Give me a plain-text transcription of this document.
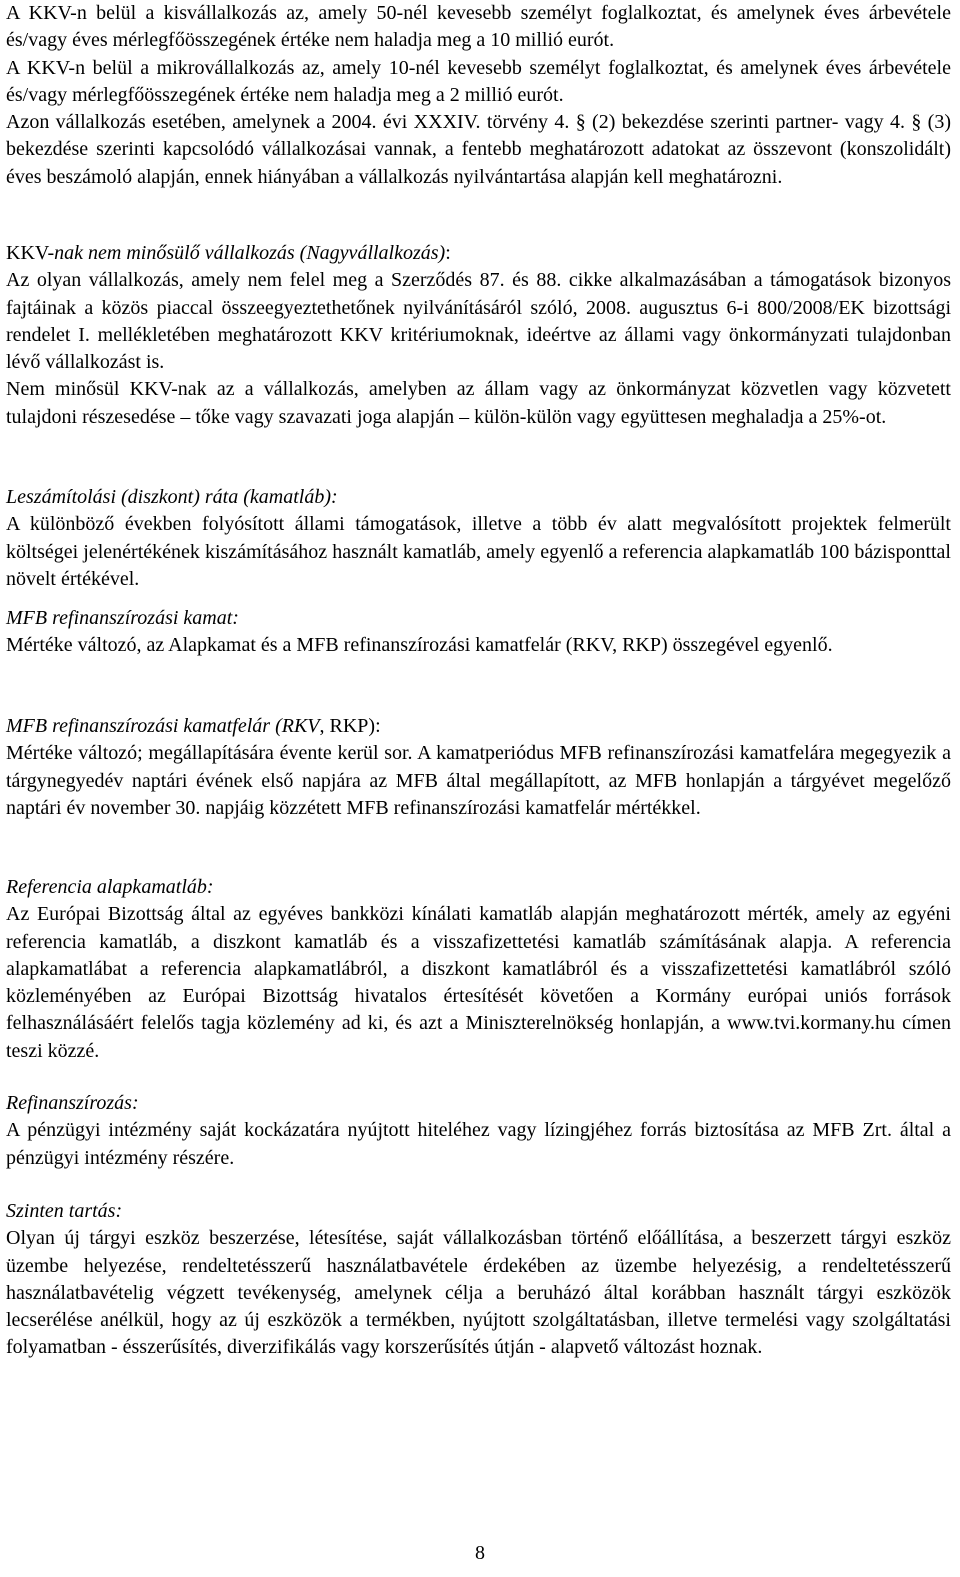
A KKV-n belül a kisvállalkozás az, amely 50-nél kevesebb személyt foglalkoztat, és amelynek éves árbevétele és/vagy éves mérlegfőösszegének értéke nem haladja meg a 10 millió eurót.

A KKV-n belül a mikrovállalkozás az, amely 10-nél kevesebb személyt foglalkoztat, és amelynek éves árbevétele és/vagy mérlegfőösszegének értéke nem haladja meg a 2 millió eurót.

Azon vállalkozás esetében, amelynek a 2004. évi XXXIV. törvény 4. § (2) bekezdése szerinti partner- vagy 4. § (3) bekezdése szerinti kapcsolódó vállalkozásai vannak, a fentebb meghatározott adatokat az összevont (konszolidált) éves beszámoló alapján, ennek hiányában a vállalkozás nyilvántartása alapján kell meghatározni.

KKV-nak nem minősülő vállalkozás (Nagyvállalkozás):

Az olyan vállalkozás, amely nem felel meg a Szerződés 87. és 88. cikke alkalmazásában a támogatások bizonyos fajtáinak a közös piaccal összeegyeztethetőnek nyilvánításáról szóló, 2008. augusztus 6-i 800/2008/EK bizottsági rendelet I. mellékletében meghatározott KKV kritériumoknak, ideértve az állami vagy önkormányzati tulajdonban lévő vállalkozást is.

Nem minősül KKV-nak az a vállalkozás, amelyben az állam vagy az önkormányzat közvetlen vagy közvetett tulajdoni részesedése – tőke vagy szavazati joga alapján – külön-külön vagy együttesen meghaladja a 25%-ot.

Leszámítolási (diszkont) ráta (kamatláb):

A különböző években folyósított állami támogatások, illetve a több év alatt megvalósított projektek felmerült költségei jelenértékének kiszámításához használt kamatláb, amely egyenlő a referencia alapkamatláb 100 bázisponttal növelt értékével.

MFB refinanszírozási kamat:

Mértéke változó, az Alapkamat és a MFB refinanszírozási kamatfelár (RKV, RKP) összegével egyenlő.

MFB refinanszírozási kamatfelár (RKV, RKP):

Mértéke változó; megállapítására évente kerül sor. A kamatperiódus MFB refinanszírozási kamatfelára megegyezik a tárgynegyedév naptári évének első napjára az MFB által megállapított, az MFB honlapján a tárgyévet megelőző naptári év november 30. napjáig közzétett MFB refinanszírozási kamatfelár mértékkel.

Referencia alapkamatláb:

Az Európai Bizottság által az egyéves bankközi kínálati kamatláb alapján meghatározott mérték, amely az egyéni referencia kamatláb, a diszkont kamatláb és a visszafizettetési kamatláb számításának alapja. A referencia alapkamatlábat a referencia alapkamatlábról, a diszkont kamatlábról és a visszafizettetési kamatlábról szóló közleményében az Európai Bizottság hivatalos értesítését követően a Kormány európai uniós források felhasználásáért felelős tagja közlemény ad ki, és azt a Miniszterelnökség honlapján, a www.tvi.kormany.hu címen teszi közzé.

Refinanszírozás:

A pénzügyi intézmény saját kockázatára nyújtott hiteléhez vagy lízingjéhez forrás biztosítása az MFB Zrt. által a pénzügyi intézmény részére.

Szinten tartás:

Olyan új tárgyi eszköz beszerzése, létesítése, saját vállalkozásban történő előállítása, a beszerzett tárgyi eszköz üzembe helyezése, rendeltetésszerű használatbavétele érdekében az üzembe helyezésig, a rendeltetésszerű használatbavételig végzett tevékenység, amelynek célja a beruházó által korábban használt tárgyi eszközök lecserélése anélkül, hogy az új eszközök a termékben, nyújtott szolgáltatásban, illetve termelési vagy szolgáltatási folyamatban - ésszerűsítés, diverzifikálás vagy korszerűsítés útján - alapvető változást hoznak.

8
